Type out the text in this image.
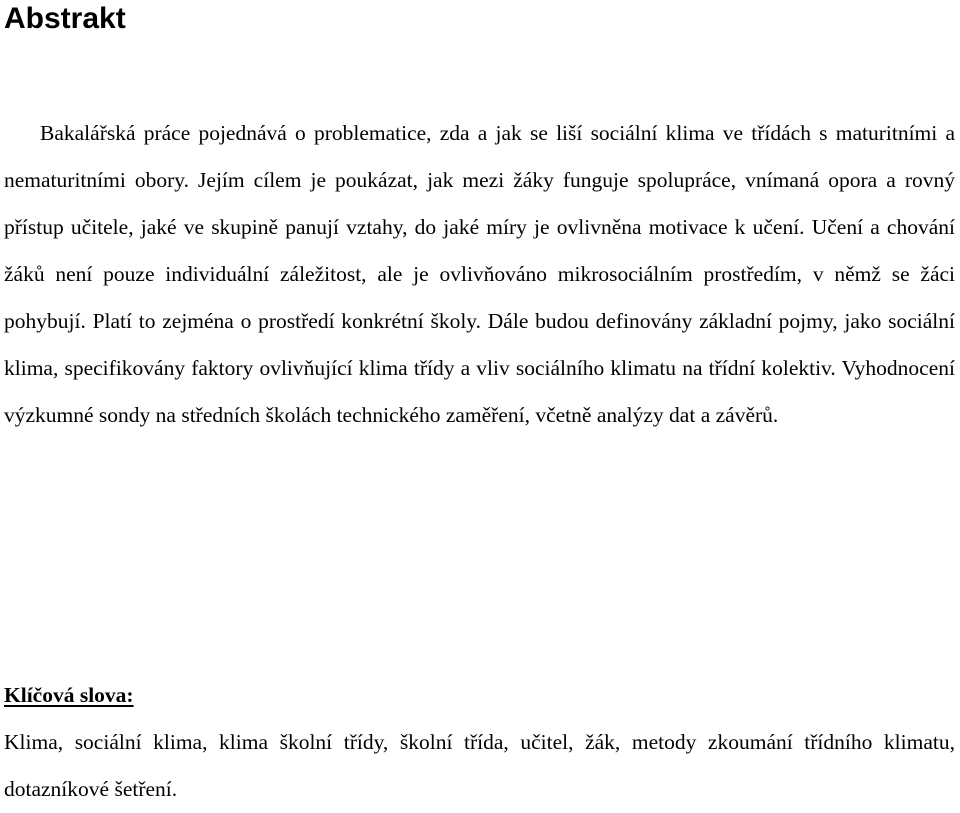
Abstrakt

Bakalářská práce pojednává o problematice, zda a jak se liší sociální klima ve třídách s maturitními a nematuritními obory. Jejím cílem je poukázat, jak mezi žáky funguje spolupráce, vnímaná opora a rovný přístup učitele, jaké ve skupině panují vztahy, do jaké míry je ovlivněna motivace k učení. Učení a chování žáků není pouze individuální záležitost, ale je ovlivňováno mikrosociálním prostředím, v němž se žáci pohybují. Platí to zejména o prostředí konkrétní školy. Dále budou definovány základní pojmy, jako sociální klima, specifikovány faktory ovlivňující klima třídy a vliv sociálního klimatu na třídní kolektiv. Vyhodnocení výzkumné sondy na středních školách technického zaměření, včetně analýzy dat a závěrů.

Klíčová slova:

Klima, sociální klima, klima školní třídy, školní třída, učitel, žák, metody zkoumání třídního klimatu, dotazníkové šetření.
